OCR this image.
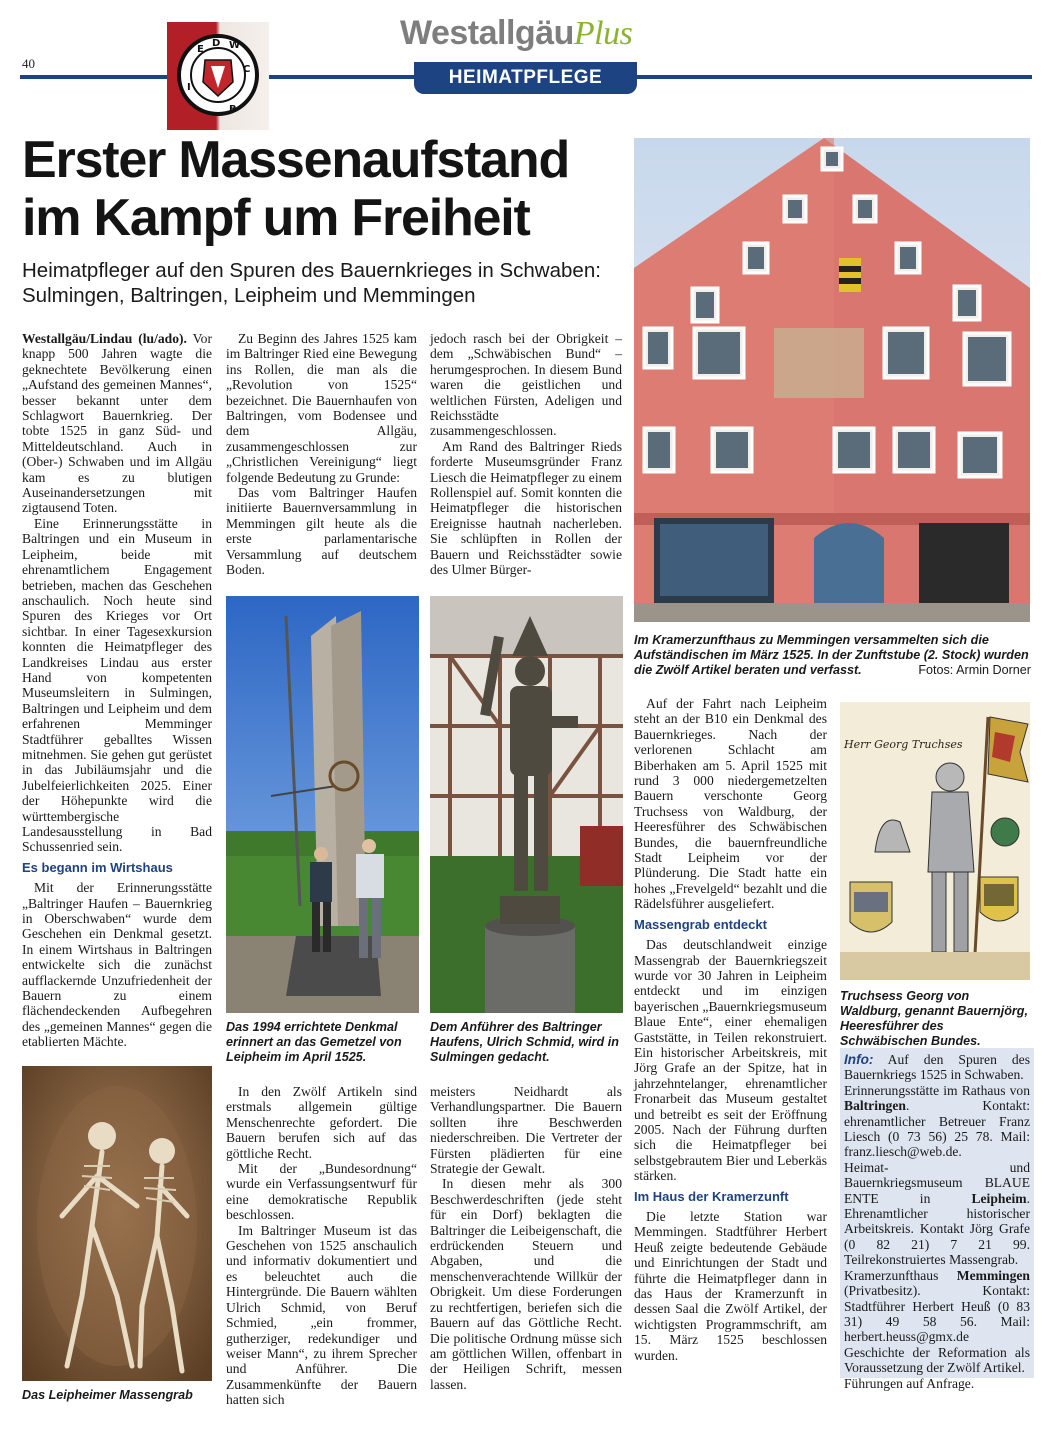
40
E
D W
C
B
I
WestallgäuPlus
HEIMATPFLEGE
Erster Massenaufstand
im Kampf um Freiheit
Heimatpfleger auf den Spuren des Bauernkrieges in Schwaben:
Sulmingen, Baltringen, Leipheim und Memmingen

Westallgäu/Lindau (lu/ado). Vor knapp 500 Jahren wagte die geknechtete Bevölkerung einen „Aufstand des gemeinen Mannes“, besser bekannt unter dem Schlagwort Bauernkrieg. Der tobte 1525 in ganz Süd- und Mitteldeutschland. Auch in (Ober-) Schwaben und im Allgäu kam es zu blutigen Auseinandersetzungen mit zigtausend Toten.

Eine Erinnerungsstätte in Baltringen und ein Museum in Leipheim, beide mit ehrenamtlichem Engagement betrieben, machen das Geschehen anschaulich. Noch heute sind Spuren des Krieges vor Ort sichtbar. In einer Tagesexkursion konnten die Heimatpfleger des Landkreises Lindau aus erster Hand von kompetenten Museumsleitern in Sulmingen, Baltringen und Leipheim und dem erfahrenen Memminger Stadtführer geballtes Wissen mitnehmen. Sie gehen gut gerüstet in das Jubiläumsjahr und die Jubelfeierlichkeiten 2025. Einer der Höhepunkte wird die württembergische Landesausstellung in Bad Schussenried sein.

Es begann im Wirtshaus

Mit der Erinnerungsstätte „Baltringer Haufen – Bauernkrieg in Oberschwaben“ wurde dem Geschehen ein Denkmal gesetzt. In einem Wirtshaus in Baltringen entwickelte sich die zunächst aufflackernde Unzufriedenheit der Bauern zu einem flächendeckenden Aufbegehren des „gemeinen Mannes“ gegen die etablierten Mächte.

Das Leipheimer Massengrab

Zu Beginn des Jahres 1525 kam im Baltringer Ried eine Bewegung ins Rollen, die man als die „Revolution von 1525“ bezeichnet. Die Bauernhaufen von Baltringen, vom Bodensee und dem Allgäu, zusammengeschlossen zur „Christlichen Vereinigung“ liegt folgende Bedeutung zu Grunde:

Das vom Baltringer Haufen initiierte Bauernversammlung in Memmingen gilt heute als die erste parlamentarische Versammlung auf deutschem Boden.

jedoch rasch bei der Obrigkeit – dem „Schwäbischen Bund“ – herumgesprochen. In diesem Bund waren die geistlichen und weltlichen Fürsten, Adeligen und Reichsstädte zusammengeschlossen.

Am Rand des Baltringer Rieds forderte Museumsgründer Franz Liesch die Heimatpfleger zu einem Rollenspiel auf. Somit konnten die Heimatpfleger die historischen Ereignisse hautnah nacherleben. Sie schlüpften in Rollen der Bauern und Reichsstädter sowie des Ulmer Bürger-

Das 1994 errichtete Denkmal erinnert an das Gemetzel von Leipheim im April 1525.
Dem Anführer des Baltringer Haufens, Ulrich Schmid, wird in Sulmingen gedacht.

In den Zwölf Artikeln sind erstmals allgemein gültige Menschenrechte gefordert. Die Bauern berufen sich auf das göttliche Recht.

Mit der „Bundesordnung“ wurde ein Verfassungsentwurf für eine demokratische Republik beschlossen.

Im Baltringer Museum ist das Geschehen von 1525 anschaulich und informativ dokumentiert und es beleuchtet auch die Hintergründe. Die Bauern wählten Ulrich Schmid, von Beruf Schmied, „ein frommer, gutherziger, redekundiger und weiser Mann“, zu ihrem Sprecher und Anführer. Die Zusammenkünfte der Bauern hatten sich

meisters Neidhardt als Verhandlungspartner. Die Bauern sollten ihre Beschwerden niederschreiben. Die Vertreter der Fürsten plädierten für eine Strategie der Gewalt.

In diesen mehr als 300 Beschwerdeschriften (jede steht für ein Dorf) beklagten die Baltringer die Leibeigenschaft, die erdrückenden Steuern und Abgaben, und die menschenverachtende Willkür der Obrigkeit. Um diese Forderungen zu rechtfertigen, beriefen sich die Bauern auf das Göttliche Recht. Die politische Ordnung müsse sich am göttlichen Willen, offenbart in der Heiligen Schrift, messen lassen.

Im Kramerzunfthaus zu Memmingen versammelten sich die Aufständischen im März 1525. In der Zunftstube (2. Stock) wurden die Zwölf Artikel beraten und verfasst.	Fotos: Armin Dorner

Auf der Fahrt nach Leipheim steht an der B10 ein Denkmal des Bauernkrieges. Nach der verlorenen Schlacht am Biberhaken am 5. April 1525 mit rund 3 000 niedergemetzelten Bauern verschonte Georg Truchsess von Waldburg, der Heeresführer des Schwäbischen Bundes, die bauernfreundliche Stadt Leipheim vor der Plünderung. Die Stadt hatte ein hohes „Frevelgeld“ bezahlt und die Rädelsführer ausgeliefert.

Massengrab entdeckt

Das deutschlandweit einzige Massengrab der Bauernkriegszeit wurde vor 30 Jahren in Leipheim entdeckt und im einzigen bayerischen „Bauernkriegsmuseum Blaue Ente“, einer ehemaligen Gaststätte, in Teilen rekonstruiert. Ein historischer Arbeitskreis, mit Jörg Grafe an der Spitze, hat in jahrzehntelanger, ehrenamtlicher Fronarbeit das Museum gestaltet und betreibt es seit der Eröffnung 2005. Nach der Führung durften sich die Heimatpfleger bei selbstgebrautem Bier und Leberkäs stärken.

Im Haus der Kramerzunft

Die letzte Station war Memmingen. Stadtführer Herbert Heuß zeigte bedeutende Gebäude und Einrichtungen der Stadt und führte die Heimatpfleger dann in das Haus der Kramerzunft in dessen Saal die Zwölf Artikel, der wichtigsten Programmschrift, am 15. März 1525 beschlossen wurden.

Herr Georg Truchses
Truchsess Georg von Waldburg, genannt Bauernjörg, Heeresführer des Schwäbischen Bundes.
Info: Auf den Spuren des Bauernkriegs 1525 in Schwaben.
Erinnerungsstätte im Rathaus von Baltringen. Kontakt: ehrenamtlicher Betreuer Franz Liesch (0 73 56) 25 78. Mail: franz.liesch@web.de.
Heimat- und Bauernkriegsmuseum BLAUE ENTE in Leipheim. Ehrenamtlicher historischer Arbeitskreis. Kontakt Jörg Grafe (0 82 21) 7 21 99. Teilrekonstruiertes Massengrab.
Kramerzunfthaus Memmingen (Privatbesitz). Kontakt: Stadtführer Herbert Heuß (0 83 31) 49 58 56. Mail: herbert.heuss@gmx.de Geschichte der Reformation als Voraussetzung der Zwölf Artikel.
Führungen auf Anfrage.
